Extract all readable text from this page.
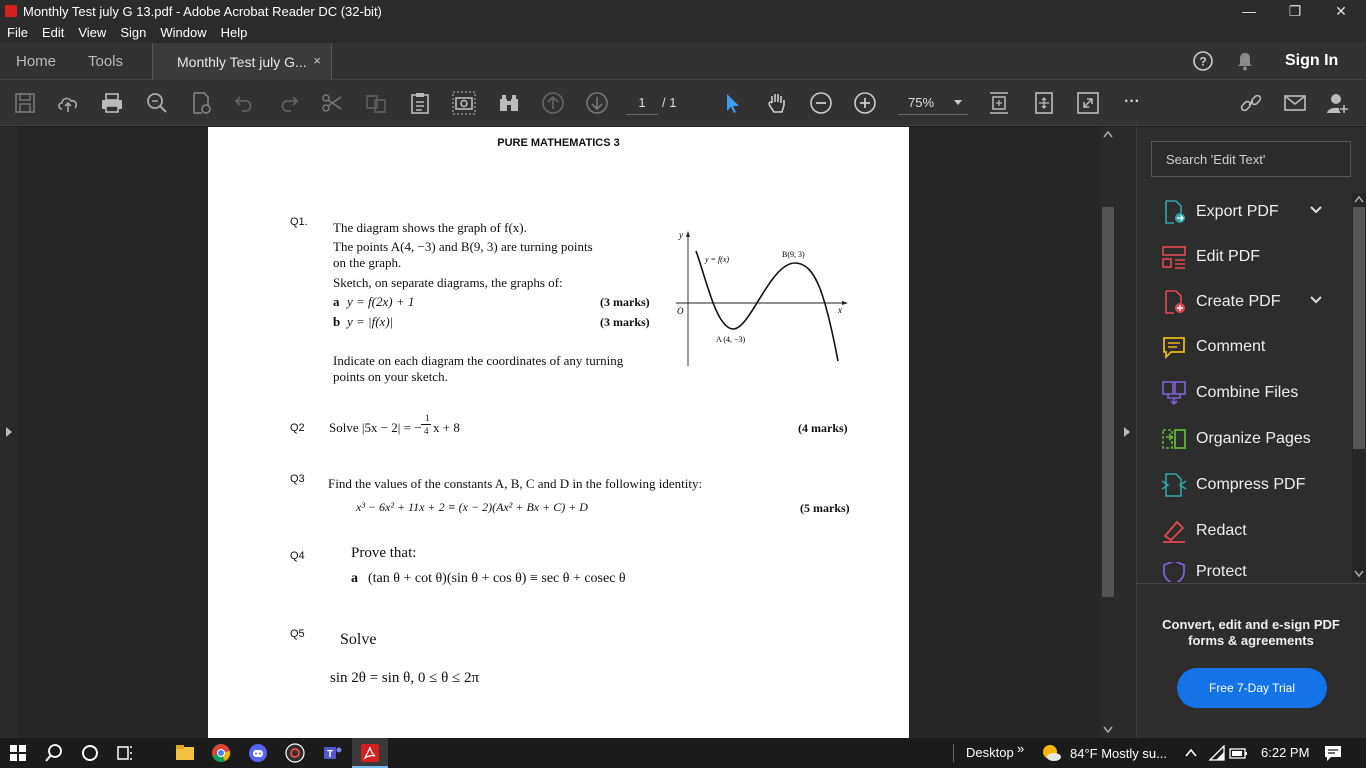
Monthly Test july G 13.pdf - Adobe Acrobat Reader DC (32-bit)	—	❐	✕
File Edit View Sign Window Help
Home Tools	Monthly Test july G... ×	?	Sign In
···
1	/ 1	75%
PURE MATHEMATICS 3
Q1. The diagram shows the graph of f(x).
The points A(4, −3) and B(9, 3) are turning points
on the graph.
Sketch, on separate diagrams, the graphs of:
a y = f(2x) + 1	(3 marks)
b y = |f(x)|	(3 marks)
Indicate on each diagram the coordinates of any turning
points on your sketch.
y
x
O
y = f(x)
A (4, −3)
B(9, 3)
Q2 Solve |5x − 2| = −
1
4 x + 8	(4 marks)
Q3 Find the values of the constants A, B, C and D in the following identity:
x³ − 6x² + 11x + 2 ≡ (x − 2)(Ax² + Bx + C) + D	(5 marks)
Q4	Prove that:
a (tan θ + cot θ)(sin θ + cos θ) ≡ sec θ + cosec θ
Q5 Solve
sin 2θ = sin θ, 0 ≤ θ ≤ 2π
Search 'Edit Text'
Export PDF
Edit PDF
Create PDF
Comment
Combine Files
Organize Pages
Compress PDF
Redact
Protect
Convert, edit and e-sign PDF forms & agreements
Free 7-Day Trial
T	Desktop »	84°F Mostly su...	6:22 PM
